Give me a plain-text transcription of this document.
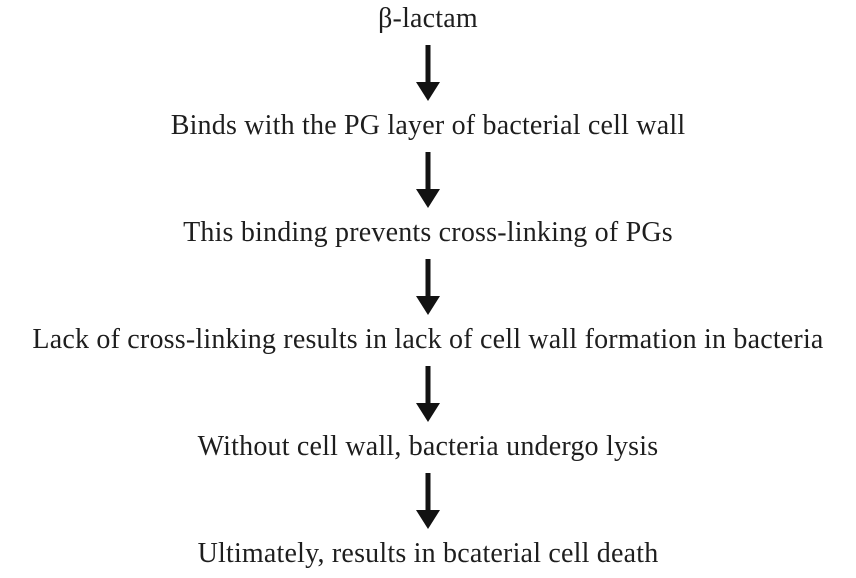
β-lactam
Binds with the PG layer of bacterial cell wall
This binding prevents cross-linking of PGs
Lack of cross-linking results in lack of cell wall formation in bacteria
Without cell wall, bacteria undergo lysis
Ultimately, results in bcaterial cell death
